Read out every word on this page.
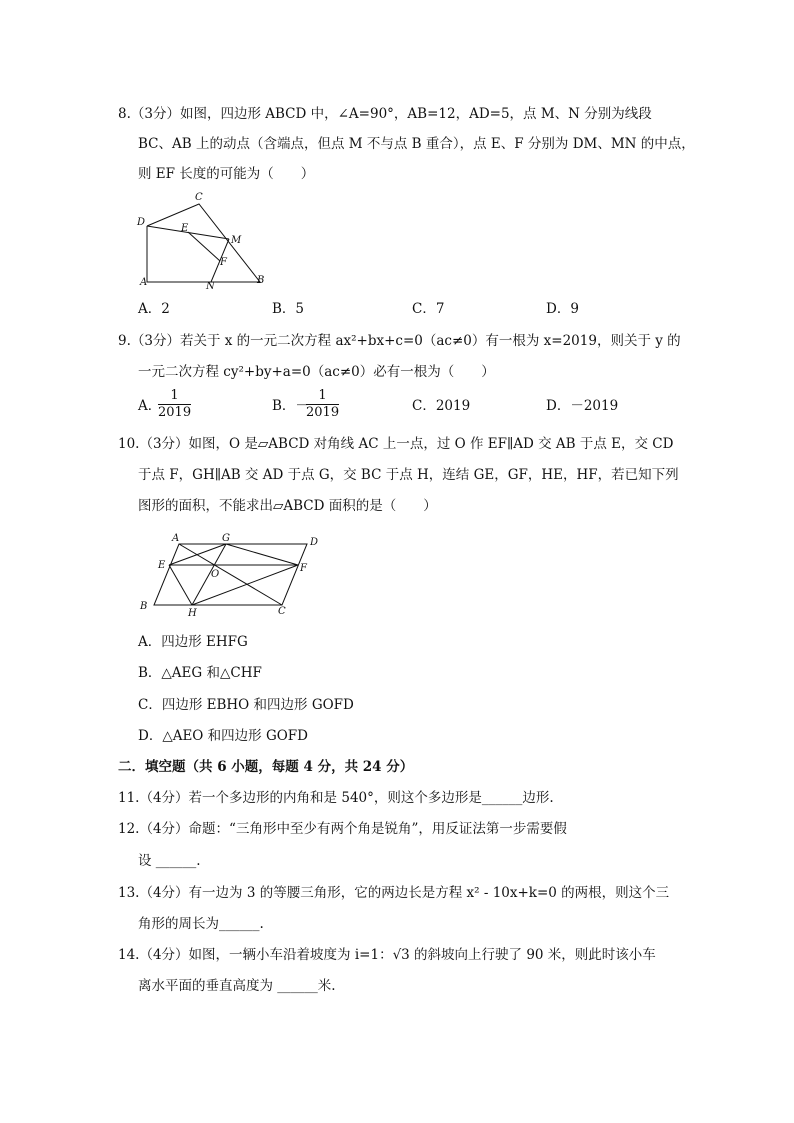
8.（3分）如图，四边形 ABCD 中，∠A=90°，AB=12，AD=5，点 M、N 分别为线段
BC、AB 上的动点（含端点，但点 M 不与点 B 重合），点 E、F 分别为 DM、MN 的中点，
则 EF 长度的可能为（　　）
C
D
E
M
F
A	N
B
A．2	B．5	C．7	D．9
9.（3分）若关于 x 的一元二次方程 ax²+bx+c=0（ac≠0）有一根为 x=2019，则关于 y 的
一元二次方程 cy²+by+a=0（ac≠0）必有一根为（　　）
A．
$\frac{1}{2019}$	B．－
$\frac{1}{2019}$	C．2019	D．－2019
10.（3分）如图，O 是▱ABCD 对角线 AC 上一点，过 O 作 EF∥AD 交 AB 于点 E，交 CD
于点 F，GH∥AB 交 AD 于点 G，交 BC 于点 H，连结 GE，GF，HE，HF，若已知下列
图形的面积，不能求出▱ABCD 面积的是（　　）
A	G	D
E
O
F
B
H	C
A．四边形 EHFG
B．△AEG 和△CHF
C．四边形 EBHO 和四边形 GOFD
D．△AEO 和四边形 GOFD
二．填空题（共 6 小题，每题 4 分，共 24 分）
11.（4分）若一个多边形的内角和是 540°，则这个多边形是______边形.
12.（4分）命题：“三角形中至少有两个角是锐角”，用反证法第一步需要假
设 ______.
13.（4分）有一边为 3 的等腰三角形，它的两边长是方程 x² - 10x+k=0 的两根，则这个三
角形的周长为______.
14.（4分）如图，一辆小车沿着坡度为 i=1：√3 的斜坡向上行驶了 90 米，则此时该小车
离水平面的垂直高度为 ______米.
